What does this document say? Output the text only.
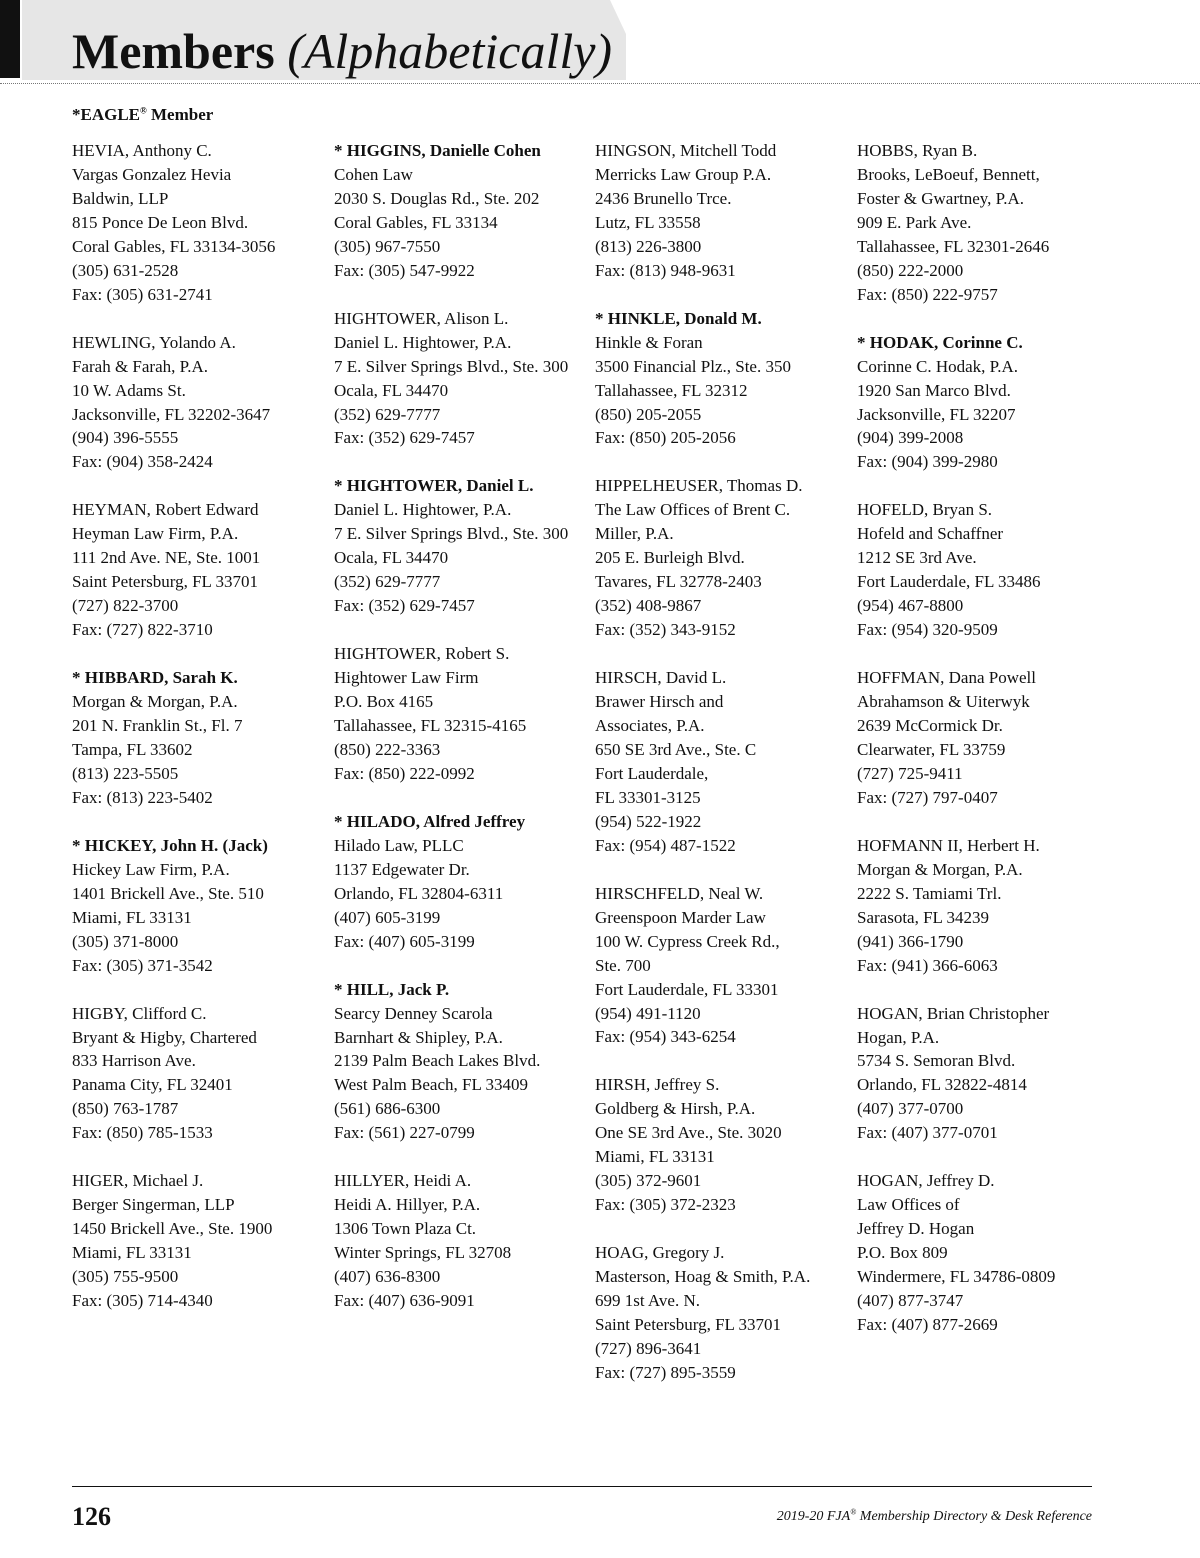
Members (Alphabetically)
*EAGLE® Member
HEVIA, Anthony C.
Vargas Gonzalez Hevia
Baldwin, LLP
815 Ponce De Leon Blvd.
Coral Gables, FL 33134-3056
(305) 631-2528
Fax: (305) 631-2741
HEWLING, Yolando A.
Farah & Farah, P.A.
10 W. Adams St.
Jacksonville, FL 32202-3647
(904) 396-5555
Fax: (904) 358-2424
HEYMAN, Robert Edward
Heyman Law Firm, P.A.
111 2nd Ave. NE, Ste. 1001
Saint Petersburg, FL 33701
(727) 822-3700
Fax: (727) 822-3710
* HIBBARD, Sarah K.
Morgan & Morgan, P.A.
201 N. Franklin St., Fl. 7
Tampa, FL 33602
(813) 223-5505
Fax: (813) 223-5402
* HICKEY, John H. (Jack)
Hickey Law Firm, P.A.
1401 Brickell Ave., Ste. 510
Miami, FL 33131
(305) 371-8000
Fax: (305) 371-3542
HIGBY, Clifford C.
Bryant & Higby, Chartered
833 Harrison Ave.
Panama City, FL 32401
(850) 763-1787
Fax: (850) 785-1533
HIGER, Michael J.
Berger Singerman, LLP
1450 Brickell Ave., Ste. 1900
Miami, FL 33131
(305) 755-9500
Fax: (305) 714-4340
* HIGGINS, Danielle Cohen
Cohen Law
2030 S. Douglas Rd., Ste. 202
Coral Gables, FL 33134
(305) 967-7550
Fax: (305) 547-9922
HIGHTOWER, Alison L.
Daniel L. Hightower, P.A.
7 E. Silver Springs Blvd., Ste. 300
Ocala, FL 34470
(352) 629-7777
Fax: (352) 629-7457
* HIGHTOWER, Daniel L.
Daniel L. Hightower, P.A.
7 E. Silver Springs Blvd., Ste. 300
Ocala, FL 34470
(352) 629-7777
Fax: (352) 629-7457
HIGHTOWER, Robert S.
Hightower Law Firm
P.O. Box 4165
Tallahassee, FL 32315-4165
(850) 222-3363
Fax: (850) 222-0992
* HILADO, Alfred Jeffrey
Hilado Law, PLLC
1137 Edgewater Dr.
Orlando, FL 32804-6311
(407) 605-3199
Fax: (407) 605-3199
* HILL, Jack P.
Searcy Denney Scarola
Barnhart & Shipley, P.A.
2139 Palm Beach Lakes Blvd.
West Palm Beach, FL 33409
(561) 686-6300
Fax: (561) 227-0799
HILLYER, Heidi A.
Heidi A. Hillyer, P.A.
1306 Town Plaza Ct.
Winter Springs, FL 32708
(407) 636-8300
Fax: (407) 636-9091
HINGSON, Mitchell Todd
Merricks Law Group P.A.
2436 Brunello Trce.
Lutz, FL 33558
(813) 226-3800
Fax: (813) 948-9631
* HINKLE, Donald M.
Hinkle & Foran
3500 Financial Plz., Ste. 350
Tallahassee, FL 32312
(850) 205-2055
Fax: (850) 205-2056
HIPPELHEUSER, Thomas D.
The Law Offices of Brent C.
Miller, P.A.
205 E. Burleigh Blvd.
Tavares, FL 32778-2403
(352) 408-9867
Fax: (352) 343-9152
HIRSCH, David L.
Brawer Hirsch and
Associates, P.A.
650 SE 3rd Ave., Ste. C
Fort Lauderdale,
FL 33301-3125
(954) 522-1922
Fax: (954) 487-1522
HIRSCHFELD, Neal W.
Greenspoon Marder Law
100 W. Cypress Creek Rd.,
Ste. 700
Fort Lauderdale, FL 33301
(954) 491-1120
Fax: (954) 343-6254
HIRSH, Jeffrey S.
Goldberg & Hirsh, P.A.
One SE 3rd Ave., Ste. 3020
Miami, FL 33131
(305) 372-9601
Fax: (305) 372-2323
HOAG, Gregory J.
Masterson, Hoag & Smith, P.A.
699 1st Ave. N.
Saint Petersburg, FL 33701
(727) 896-3641
Fax: (727) 895-3559
HOBBS, Ryan B.
Brooks, LeBoeuf, Bennett,
Foster & Gwartney, P.A.
909 E. Park Ave.
Tallahassee, FL 32301-2646
(850) 222-2000
Fax: (850) 222-9757
* HODAK, Corinne C.
Corinne C. Hodak, P.A.
1920 San Marco Blvd.
Jacksonville, FL 32207
(904) 399-2008
Fax: (904) 399-2980
HOFELD, Bryan S.
Hofeld and Schaffner
1212 SE 3rd Ave.
Fort Lauderdale, FL 33486
(954) 467-8800
Fax: (954) 320-9509
HOFFMAN, Dana Powell
Abrahamson & Uiterwyk
2639 McCormick Dr.
Clearwater, FL 33759
(727) 725-9411
Fax: (727) 797-0407
HOFMANN II, Herbert H.
Morgan & Morgan, P.A.
2222 S. Tamiami Trl.
Sarasota, FL 34239
(941) 366-1790
Fax: (941) 366-6063
HOGAN, Brian Christopher
Hogan, P.A.
5734 S. Semoran Blvd.
Orlando, FL 32822-4814
(407) 377-0700
Fax: (407) 377-0701
HOGAN, Jeffrey D.
Law Offices of
Jeffrey D. Hogan
P.O. Box 809
Windermere, FL 34786-0809
(407) 877-3747
Fax: (407) 877-2669
126	2019-20 FJA® Membership Directory & Desk Reference
